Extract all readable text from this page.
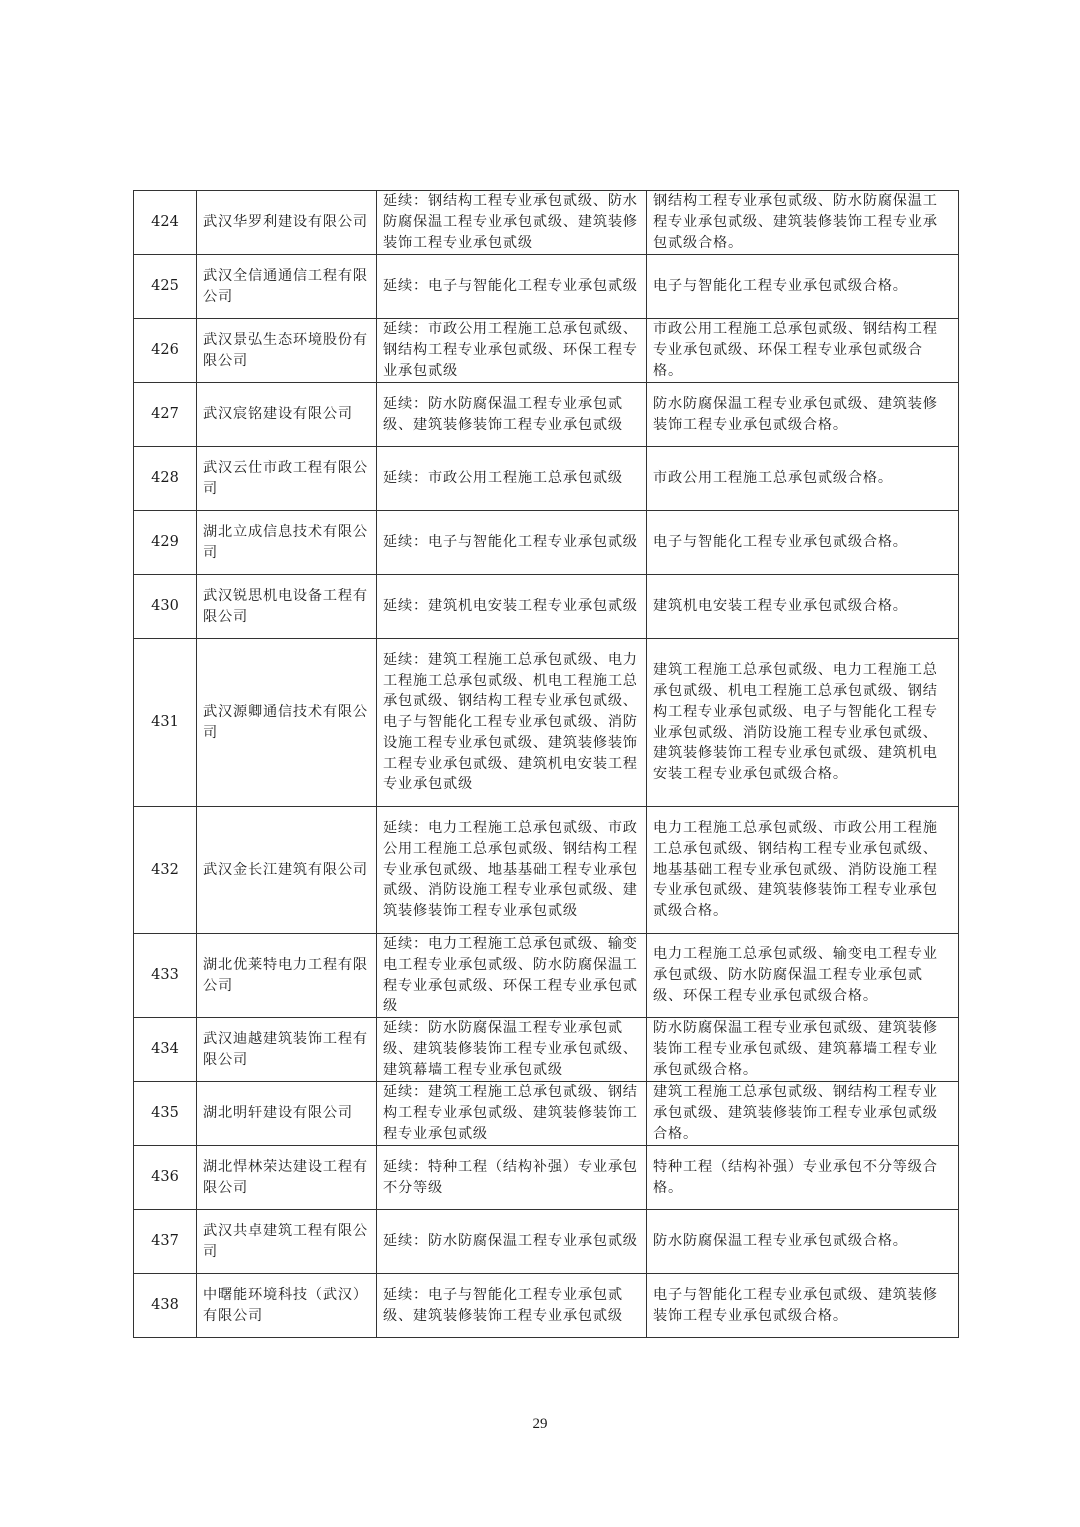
424	武汉华罗利建设有限公司	延续：钢结构工程专业承包贰级、防水防腐保温工程专业承包贰级、建筑装修装饰工程专业承包贰级	钢结构工程专业承包贰级、防水防腐保温工程专业承包贰级、建筑装修装饰工程专业承包贰级合格。
425	武汉全信通通信工程有限公司	延续：电子与智能化工程专业承包贰级	电子与智能化工程专业承包贰级合格。
426	武汉景弘生态环境股份有限公司	延续：市政公用工程施工总承包贰级、钢结构工程专业承包贰级、环保工程专业承包贰级	市政公用工程施工总承包贰级、钢结构工程专业承包贰级、环保工程专业承包贰级合格。
427	武汉宸铭建设有限公司	延续：防水防腐保温工程专业承包贰级、建筑装修装饰工程专业承包贰级	防水防腐保温工程专业承包贰级、建筑装修装饰工程专业承包贰级合格。
428	武汉云仕市政工程有限公司	延续：市政公用工程施工总承包贰级	市政公用工程施工总承包贰级合格。
429	湖北立成信息技术有限公司	延续：电子与智能化工程专业承包贰级	电子与智能化工程专业承包贰级合格。
430	武汉锐思机电设备工程有限公司	延续：建筑机电安装工程专业承包贰级	建筑机电安装工程专业承包贰级合格。
431	武汉源卿通信技术有限公司	延续：建筑工程施工总承包贰级、电力工程施工总承包贰级、机电工程施工总承包贰级、钢结构工程专业承包贰级、电子与智能化工程专业承包贰级、消防设施工程专业承包贰级、建筑装修装饰工程专业承包贰级、建筑机电安装工程专业承包贰级	建筑工程施工总承包贰级、电力工程施工总承包贰级、机电工程施工总承包贰级、钢结构工程专业承包贰级、电子与智能化工程专业承包贰级、消防设施工程专业承包贰级、建筑装修装饰工程专业承包贰级、建筑机电安装工程专业承包贰级合格。
432	武汉金长江建筑有限公司	延续：电力工程施工总承包贰级、市政公用工程施工总承包贰级、钢结构工程专业承包贰级、地基基础工程专业承包贰级、消防设施工程专业承包贰级、建筑装修装饰工程专业承包贰级	电力工程施工总承包贰级、市政公用工程施工总承包贰级、钢结构工程专业承包贰级、地基基础工程专业承包贰级、消防设施工程专业承包贰级、建筑装修装饰工程专业承包贰级合格。
433	湖北优莱特电力工程有限公司	延续：电力工程施工总承包贰级、输变电工程专业承包贰级、防水防腐保温工程专业承包贰级、环保工程专业承包贰级	电力工程施工总承包贰级、输变电工程专业承包贰级、防水防腐保温工程专业承包贰级、环保工程专业承包贰级合格。
434	武汉迪越建筑装饰工程有限公司	延续：防水防腐保温工程专业承包贰级、建筑装修装饰工程专业承包贰级、建筑幕墙工程专业承包贰级	防水防腐保温工程专业承包贰级、建筑装修装饰工程专业承包贰级、建筑幕墙工程专业承包贰级合格。
435	湖北明轩建设有限公司	延续：建筑工程施工总承包贰级、钢结构工程专业承包贰级、建筑装修装饰工程专业承包贰级	建筑工程施工总承包贰级、钢结构工程专业承包贰级、建筑装修装饰工程专业承包贰级合格。
436	湖北悍林荣达建设工程有限公司	延续：特种工程（结构补强）专业承包不分等级	特种工程（结构补强）专业承包不分等级合格。
437	武汉共卓建筑工程有限公司	延续：防水防腐保温工程专业承包贰级	防水防腐保温工程专业承包贰级合格。
438	中曙能环境科技（武汉）有限公司	延续：电子与智能化工程专业承包贰级、建筑装修装饰工程专业承包贰级	电子与智能化工程专业承包贰级、建筑装修装饰工程专业承包贰级合格。
29
